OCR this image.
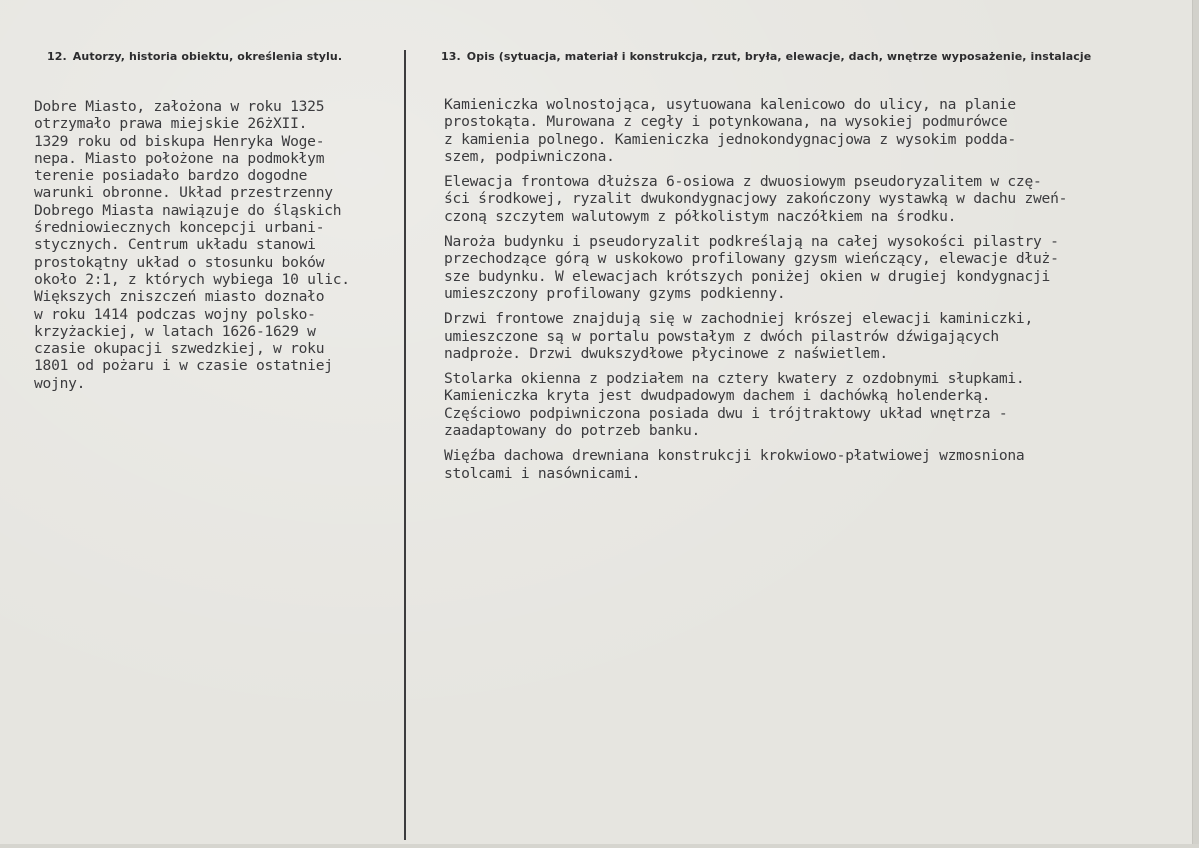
12. Autorzy, historia obiektu, określenia stylu.	13. Opis (sytuacja, materiał i konstrukcja, rzut, bryła, elewacje, dach, wnętrze wyposażenie, instalacje
Dobre Miasto, założona w roku 1325
otrzymało prawa miejskie 26żXII.
1329 roku od biskupa Henryka Woge-
nepa. Miasto położone na podmokłym
terenie posiadało bardzo dogodne
warunki obronne. Układ przestrzenny
Dobrego Miasta nawiązuje do śląskich
średniowiecznych koncepcji urbani-
stycznych. Centrum układu stanowi
prostokątny układ o stosunku boków
około 2:1, z których wybiega 10 ulic.
Większych zniszczeń miasto doznało
w roku 1414 podczas wojny polsko-
krzyżackiej, w latach 1626-1629 w
czasie okupacji szwedzkiej, w roku
1801 od pożaru i w czasie ostatniej
wojny.
Kamieniczka wolnostojąca, usytuowana kalenicowo do ulicy, na planie
prostokąta. Murowana z cegły i potynkowana, na wysokiej podmurówce
z kamienia polnego. Kamieniczka jednokondygnacjowa z wysokim podda-
szem, podpiwniczona.
Elewacja frontowa dłuższa 6-osiowa z dwuosiowym pseudoryzalitem w czę-
ści środkowej, ryzalit dwukondygnacjowy zakończony wystawką w dachu zweń-
czoną szczytem walutowym z półkolistym naczółkiem na środku.
Naroża budynku i pseudoryzalit podkreślają na całej wysokości pilastry -
przechodzące górą w uskokowo profilowany gzysm wieńczący, elewacje dłuż-
sze budynku. W elewacjach krótszych poniżej okien w drugiej kondygnacji
umieszczony profilowany gzyms podkienny.
Drzwi frontowe znajdują się w zachodniej krószej elewacji kaminiczki,
umieszczone są w portalu powstałym z dwóch pilastrów dźwigających
nadproże. Drzwi dwukszydłowe płycinowe z naświetlem.
Stolarka okienna z podziałem na cztery kwatery z ozdobnymi słupkami.
Kamieniczka kryta jest dwudpadowym dachem i dachówką holenderką.
Częściowo podpiwniczona posiada dwu i trójtraktowy układ wnętrza -
zaadaptowany do potrzeb banku.
Więźba dachowa drewniana konstrukcji krokwiowo-płatwiowej wzmosniona
stolcami i nasównicami.
